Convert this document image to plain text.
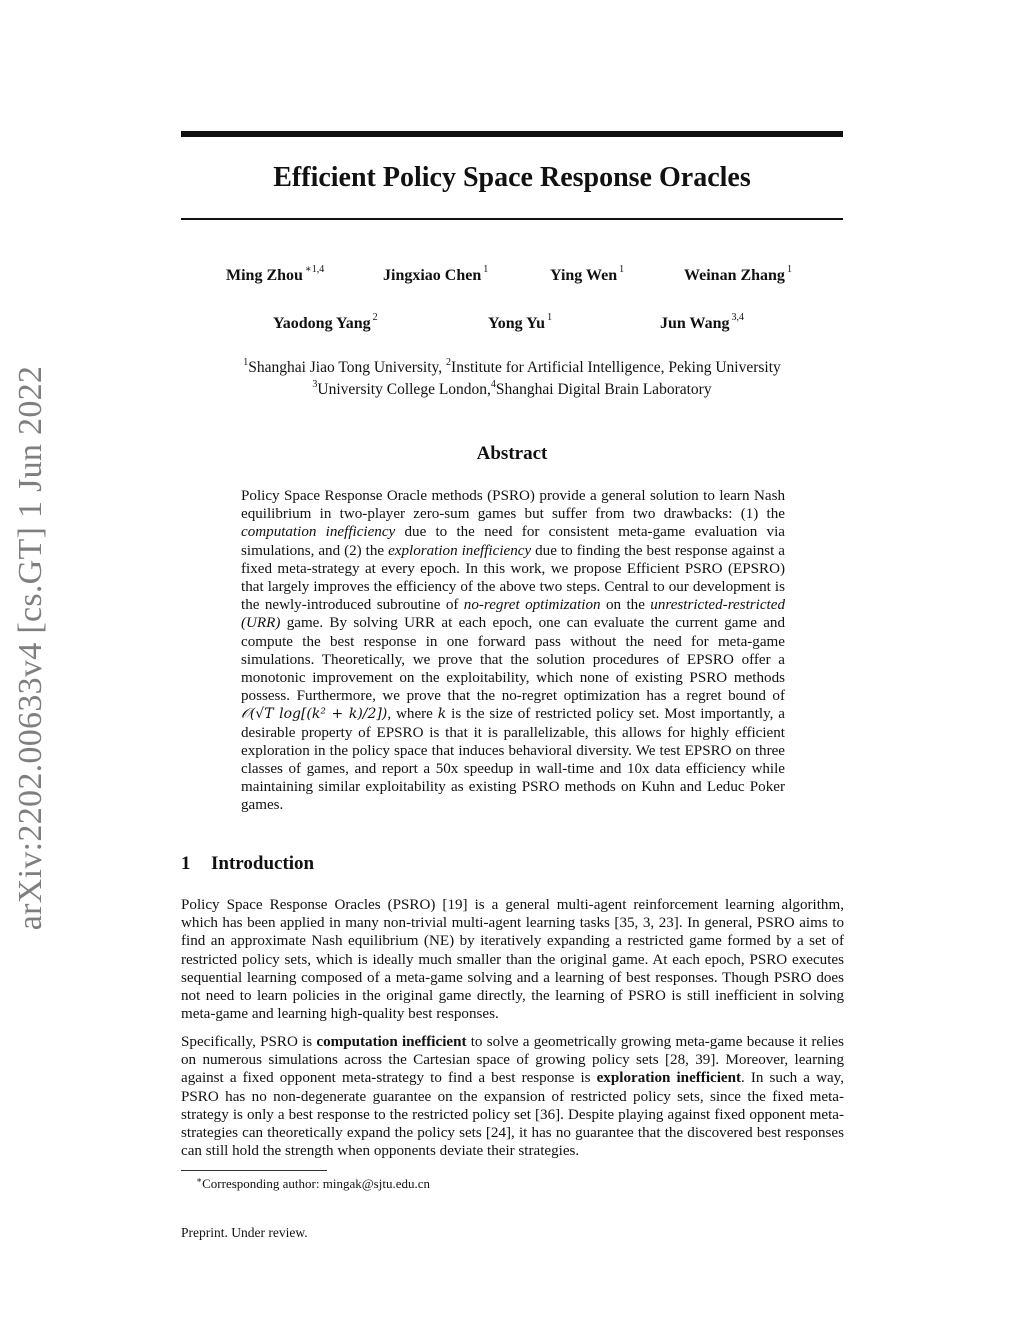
arXiv:2202.00633v4 [cs.GT] 1 Jun 2022
Efficient Policy Space Response Oracles
Ming Zhou $^{∗1,4}$	Jingxiao Chen $^1$	Ying Wen $^1$	Weinan Zhang $^1$
Yaodong Yang $^2$	Yong Yu $^1$	Jun Wang $^{3,4}$
$^1$Shanghai Jiao Tong University, $^2$Institute for Artificial Intelligence, Peking University
$^3$University College London,$^4$Shanghai Digital Brain Laboratory
Abstract
Policy Space Response Oracle methods (PSRO) provide a general solution to learn Nash equilibrium in two-player zero-sum games but suffer from two drawbacks: (1) the computation inefficiency due to the need for consistent meta-game evaluation via simulations, and (2) the exploration inefficiency due to finding the best response against a fixed meta-strategy at every epoch. In this work, we propose Efficient PSRO (EPSRO) that largely improves the efficiency of the above two steps. Central to our development is the newly-introduced subroutine of no-regret optimization on the unrestricted-restricted (URR) game. By solving URR at each epoch, one can evaluate the current game and compute the best response in one forward pass without the need for meta-game simulations. Theoretically, we prove that the solution procedures of EPSRO offer a monotonic improvement on the exploitability, which none of existing PSRO methods possess. Furthermore, we prove that the no-regret optimization has a regret bound of 𝒪(√T log[(k² + k)/2]), where k is the size of restricted policy set. Most importantly, a desirable property of EPSRO is that it is parallelizable, this allows for highly efficient exploration in the policy space that induces behavioral diversity. We test EPSRO on three classes of games, and report a 50x speedup in wall-time and 10x data efficiency while maintaining similar exploitability as existing PSRO methods on Kuhn and Leduc Poker games.
1 Introduction
Policy Space Response Oracles (PSRO) [19] is a general multi-agent reinforcement learning algorithm, which has been applied in many non-trivial multi-agent learning tasks [35, 3, 23]. In general, PSRO aims to find an approximate Nash equilibrium (NE) by iteratively expanding a restricted game formed by a set of restricted policy sets, which is ideally much smaller than the original game. At each epoch, PSRO executes sequential learning composed of a meta-game solving and a learning of best responses. Though PSRO does not need to learn policies in the original game directly, the learning of PSRO is still inefficient in solving meta-game and learning high-quality best responses.
Specifically, PSRO is computation inefficient to solve a geometrically growing meta-game because it relies on numerous simulations across the Cartesian space of growing policy sets [28, 39]. Moreover, learning against a fixed opponent meta-strategy to find a best response is exploration inefficient. In such a way, PSRO has no non-degenerate guarantee on the expansion of restricted policy sets, since the fixed meta-strategy is only a best response to the restricted policy set [36]. Despite playing against fixed opponent meta-strategies can theoretically expand the policy sets [24], it has no guarantee that the discovered best responses can still hold the strength when opponents deviate their strategies.
∗Corresponding author: mingak@sjtu.edu.cn
Preprint. Under review.
